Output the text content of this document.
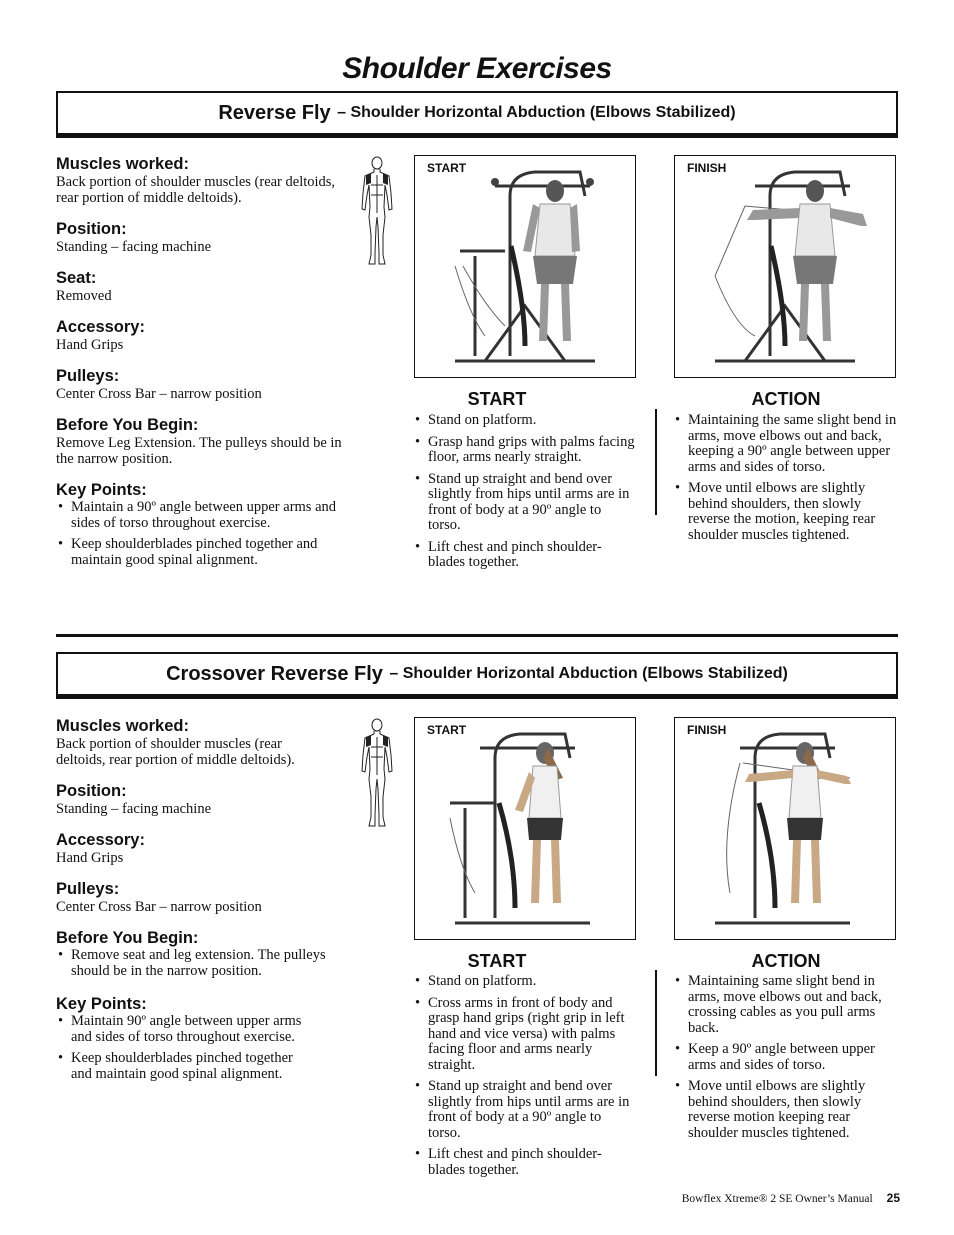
Shoulder Exercises
Reverse Fly
– Shoulder Horizontal Abduction (Elbows Stabilized)

Muscles worked:

Back portion of shoulder muscles (rear deltoids, rear portion of middle deltoids).

Position:

Standing – facing machine

Seat:

Removed

Accessory:

Hand Grips

Pulleys:

Center Cross Bar – narrow position

Before You Begin:

Remove Leg Extension. The pulleys should be in the narrow position.

Key Points:

• Maintain a 90º angle between upper arms and sides of torso throughout exercise.
• Keep shoulderblades pinched together and maintain good spinal alignment.
START	FINISH
START
• Stand on platform.
• Grasp hand grips with palms facing floor, arms nearly straight.
• Stand up straight and bend over slightly from hips until arms are in front of body at a 90º angle to torso.
• Lift chest and pinch shoulder-blades together.
ACTION
• Maintaining the same slight bend in arms, move elbows out and back, keeping a 90º angle between upper arms and sides of torso.
• Move until elbows are slightly behind shoulders, then slowly reverse the motion, keeping rear shoulder muscles tightened.
Crossover Reverse Fly
– Shoulder Horizontal Abduction (Elbows Stabilized)

Muscles worked:

Back portion of shoulder muscles (rear deltoids, rear portion of middle deltoids).

Position:

Standing – facing machine

Accessory:

Hand Grips

Pulleys:

Center Cross Bar – narrow position

Before You Begin:

• Remove seat and leg extension. The pulleys should be in the narrow position.

Key Points:

• Maintain 90º angle between upper arms and sides of torso throughout exercise.
• Keep shoulderblades pinched together and maintain good spinal alignment.
START	FINISH
START
• Stand on platform.
• Cross arms in front of body and grasp hand grips (right grip in left hand and vice versa) with palms facing floor and arms nearly straight.
• Stand up straight and bend over slightly from hips until arms are in front of body at a 90º angle to torso.
• Lift chest and pinch shoulder-blades together.
ACTION
• Maintaining same slight bend in arms, move elbows out and back, crossing cables as you pull arms back.
• Keep a 90º angle between upper arms and sides of torso.
• Move until elbows are slightly behind shoulders, then slowly reverse motion keeping rear shoulder muscles tightened.
Bowflex Xtreme® 2 SE Owner’s Manual 25
